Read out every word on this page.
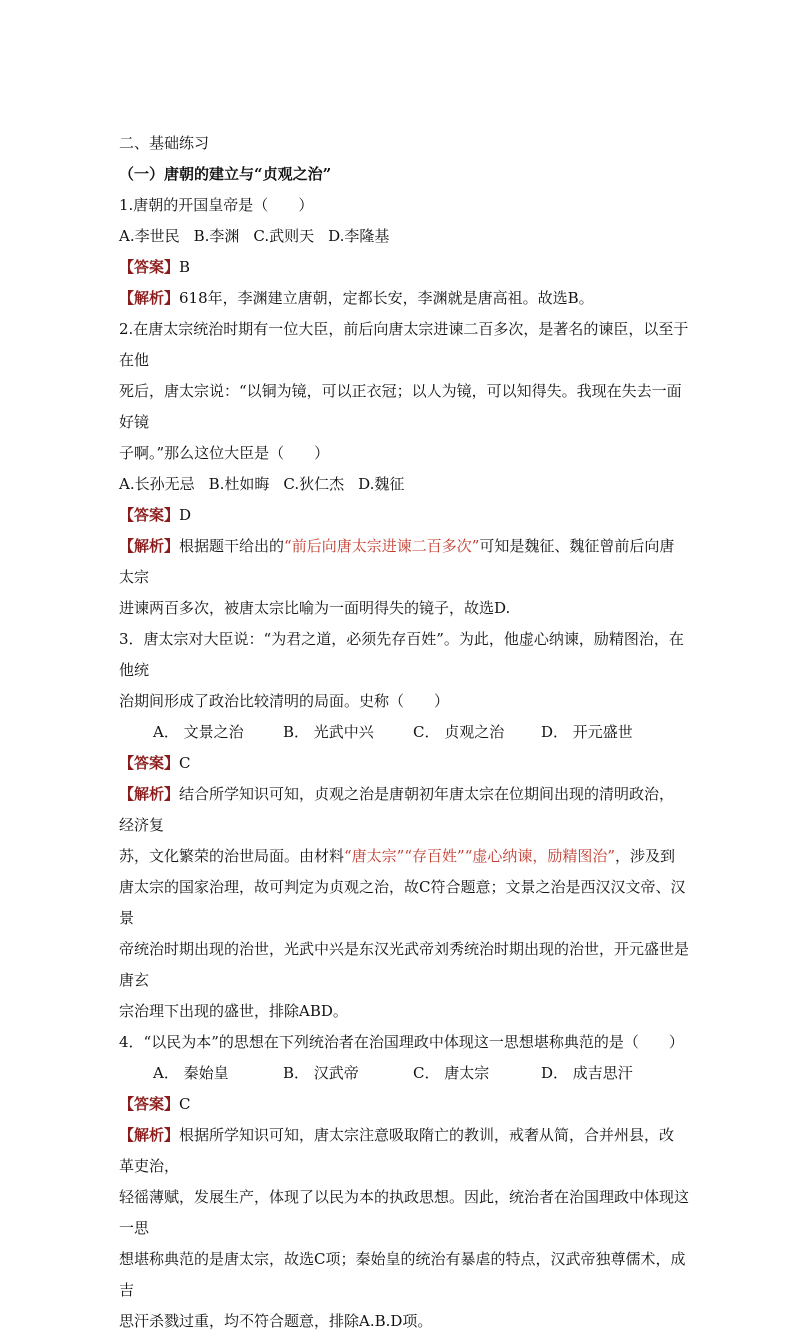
二、基础练习

（一）唐朝的建立与“贞观之治”

1.唐朝的开国皇帝是（　　）

A.李世民 B.李渊 C.武则天 D.李隆基

【答案】B

【解析】618年，李渊建立唐朝，定都长安，李渊就是唐高祖。故选B。

2.在唐太宗统治时期有一位大臣，前后向唐太宗进谏二百多次，是著名的谏臣，以至于在他

死后，唐太宗说：“以铜为镜，可以正衣冠；以人为镜，可以知得失。我现在失去一面好镜

子啊。”那么这位大臣是（　　）

A.长孙无忌 B.杜如晦 C.狄仁杰 D.魏征

【答案】D

【解析】根据题干给出的“前后向唐太宗进谏二百多次”可知是魏征、魏征曾前后向唐太宗

进谏两百多次，被唐太宗比喻为一面明得失的镜子，故选D.

3．唐太宗对大臣说：“为君之道，必须先存百姓”。为此，他虚心纳谏，励精图治，在他统

治期间形成了政治比较清明的局面。史称（　　）

A． 文景之治	B． 光武中兴	C． 贞观之治	D． 开元盛世

【答案】C

【解析】结合所学知识可知，贞观之治是唐朝初年唐太宗在位期间出现的清明政治，经济复

苏，文化繁荣的治世局面。由材料“唐太宗”“存百姓”“虚心纳谏，励精图治”，涉及到

唐太宗的国家治理，故可判定为贞观之治，故C符合题意；文景之治是西汉汉文帝、汉景

帝统治时期出现的治世，光武中兴是东汉光武帝刘秀统治时期出现的治世，开元盛世是唐玄

宗治理下出现的盛世，排除ABD。

4．“以民为本”的思想在下列统治者在治国理政中体现这一思想堪称典范的是（　　）

A． 秦始皇	B． 汉武帝	C． 唐太宗	D． 成吉思汗

【答案】C

【解析】根据所学知识可知，唐太宗注意吸取隋亡的教训，戒奢从简，合并州县，改革吏治，

轻徭薄赋，发展生产，体现了以民为本的执政思想。因此，统治者在治国理政中体现这一思

想堪称典范的是唐太宗，故选C项；秦始皇的统治有暴虐的特点，汉武帝独尊儒术，成吉

思汗杀戮过重，均不符合题意，排除A.B.D项。
